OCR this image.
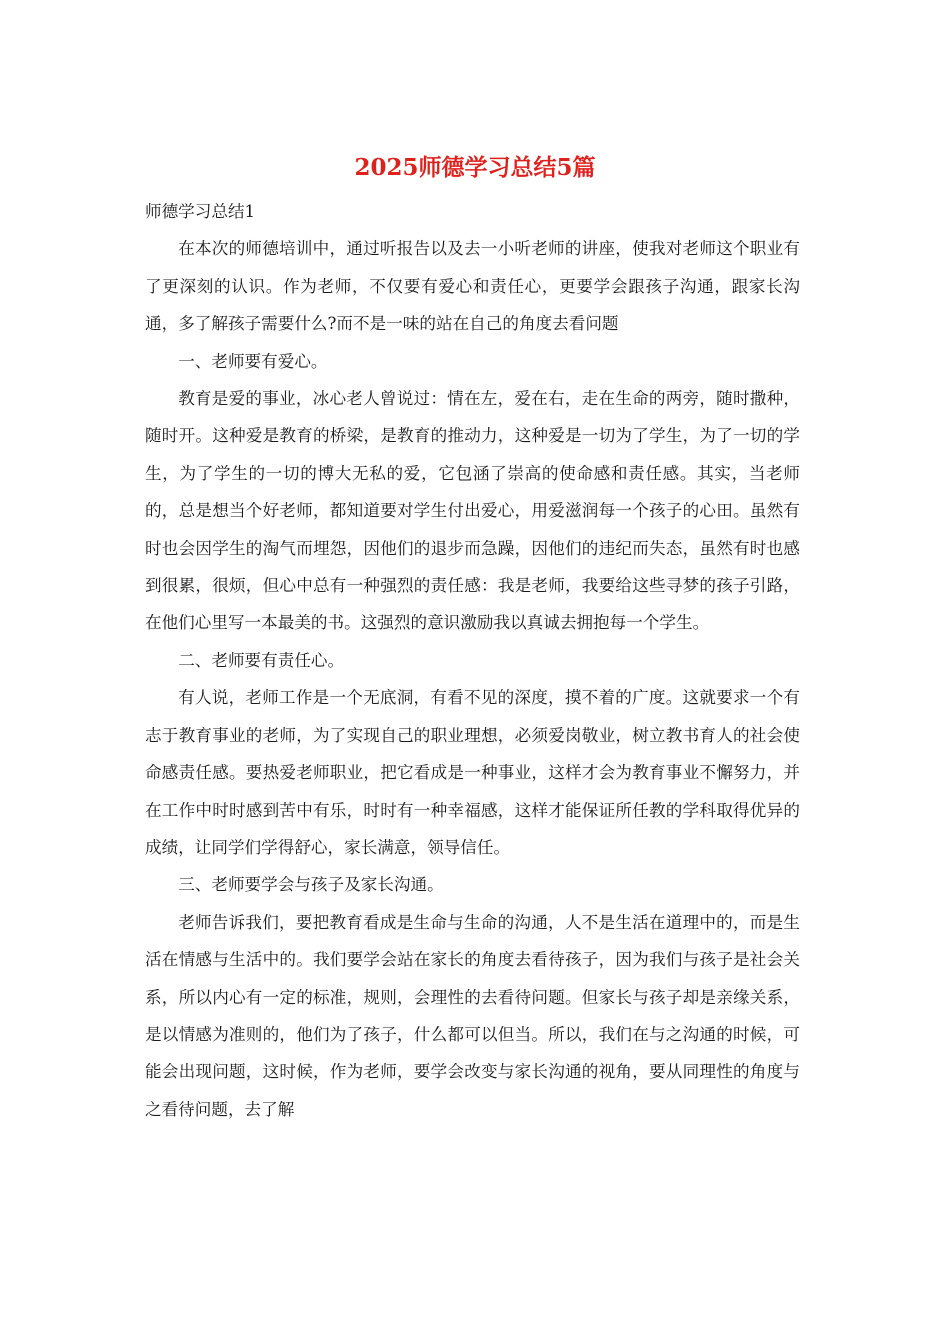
2025师德学习总结5篇

师德学习总结1

在本次的师德培训中，通过听报告以及去一小听老师的讲座，使我对老师这个职业有了更深刻的认识。作为老师，不仅要有爱心和责任心，更要学会跟孩子沟通，跟家长沟通，多了解孩子需要什么?而不是一味的站在自己的角度去看问题

一、老师要有爱心。

教育是爱的事业，冰心老人曾说过：情在左，爱在右，走在生命的两旁，随时撒种，随时开。这种爱是教育的桥梁，是教育的推动力，这种爱是一切为了学生，为了一切的学生，为了学生的一切的博大无私的爱，它包涵了崇高的使命感和责任感。其实，当老师的，总是想当个好老师，都知道要对学生付出爱心，用爱滋润每一个孩子的心田。虽然有时也会因学生的淘气而埋怨，因他们的退步而急躁，因他们的违纪而失态，虽然有时也感到很累，很烦，但心中总有一种强烈的责任感：我是老师，我要给这些寻梦的孩子引路，在他们心里写一本最美的书。这强烈的意识激励我以真诚去拥抱每一个学生。

二、老师要有责任心。

有人说，老师工作是一个无底洞，有看不见的深度，摸不着的广度。这就要求一个有志于教育事业的老师，为了实现自己的职业理想，必须爱岗敬业，树立教书育人的社会使命感责任感。要热爱老师职业，把它看成是一种事业，这样才会为教育事业不懈努力，并在工作中时时感到苦中有乐，时时有一种幸福感，这样才能保证所任教的学科取得优异的成绩，让同学们学得舒心，家长满意，领导信任。

三、老师要学会与孩子及家长沟通。

老师告诉我们，要把教育看成是生命与生命的沟通，人不是生活在道理中的，而是生活在情感与生活中的。我们要学会站在家长的角度去看待孩子，因为我们与孩子是社会关系，所以内心有一定的标准，规则，会理性的去看待问题。但家长与孩子却是亲缘关系，是以情感为准则的，他们为了孩子，什么都可以但当。所以，我们在与之沟通的时候，可能会出现问题，这时候，作为老师，要学会改变与家长沟通的视角，要从同理性的角度与之看待问题，去了解
